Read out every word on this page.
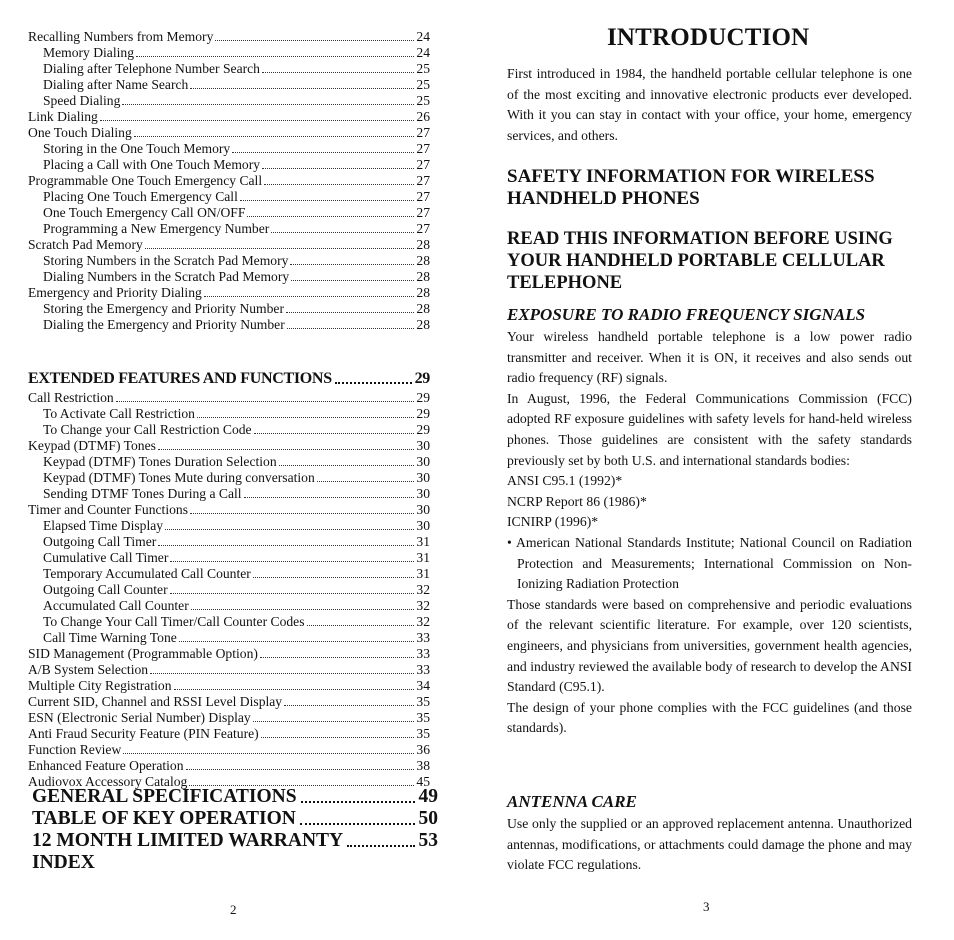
Recalling Numbers from Memory	24
Memory Dialing	24
Dialing after Telephone Number Search	25
Dialing after Name Search	25
Speed Dialing	25
Link Dialing	26
One Touch Dialing	27
Storing in the One Touch Memory	27
Placing a Call with One Touch Memory	27
Programmable One Touch Emergency Call	27
Placing One Touch Emergency Call	27
One Touch Emergency Call ON/OFF	27
Programming a New Emergency Number	27
Scratch Pad Memory	28
Storing Numbers in the Scratch Pad Memory	28
Dialing Numbers in the Scratch Pad Memory	28
Emergency and Priority Dialing	28
Storing the Emergency and Priority Number	28
Dialing the Emergency and Priority Number	28
EXTENDED FEATURES AND FUNCTIONS	29
Call Restriction	29
To Activate Call Restriction	29
To Change your Call Restriction Code	29
Keypad (DTMF) Tones	30
Keypad (DTMF) Tones Duration Selection	30
Keypad (DTMF) Tones Mute during conversation	30
Sending DTMF Tones During a Call	30
Timer and Counter Functions	30
Elapsed Time Display	30
Outgoing Call Timer	31
Cumulative Call Timer	31
Temporary Accumulated Call Counter	31
Outgoing Call Counter	32
Accumulated Call Counter	32
To Change Your Call Timer/Call Counter Codes	32
Call Time Warning Tone	33
SID Management (Programmable Option)	33
A/B System Selection	33
Multiple City Registration	34
Current SID, Channel and RSSI Level Display	35
ESN (Electronic Serial Number) Display	35
Anti Fraud Security Feature (PIN Feature)	35
Function Review	36
Enhanced Feature Operation	38
Audiovox Accessory Catalog	45
GENERAL SPECIFICATIONS	49
TABLE OF KEY OPERATION	50
12 MONTH LIMITED WARRANTY	53
INDEX
2
INTRODUCTION

First introduced in 1984, the handheld portable cellular telephone is one of the most exciting and innovative electronic products ever developed. With it you can stay in contact with your office, your home, emergency services, and others.

SAFETY INFORMATION FOR WIRELESS HANDHELD PHONES

READ THIS INFORMATION BEFORE USING YOUR HANDHELD PORTABLE CELLULAR TELEPHONE

EXPOSURE TO RADIO FREQUENCY SIGNALS

Your wireless handheld portable telephone is a low power radio transmitter and receiver. When it is ON, it receives and also sends out radio frequency (RF) signals.

In August, 1996, the Federal Communications Commission (FCC) adopted RF exposure guidelines with safety levels for hand-held wireless phones. Those guidelines are consistent with the safety standards previously set by both U.S. and international standards bodies:

ANSI C95.1 (1992)*

NCRP Report 86 (1986)*

ICNIRP (1996)*

• American National Standards Institute; National Council on Radiation Protection and Measurements; International Commission on Non-Ionizing Radiation Protection

Those standards were based on comprehensive and periodic evaluations of the relevant scientific literature. For example, over 120 scientists, engineers, and physicians from universities, government health agencies, and industry reviewed the available body of research to develop the ANSI Standard (C95.1).

The design of your phone complies with the FCC guidelines (and those standards).

ANTENNA CARE

Use only the supplied or an approved replacement antenna. Unauthorized antennas, modifications, or attachments could damage the phone and may violate FCC regulations.

3
